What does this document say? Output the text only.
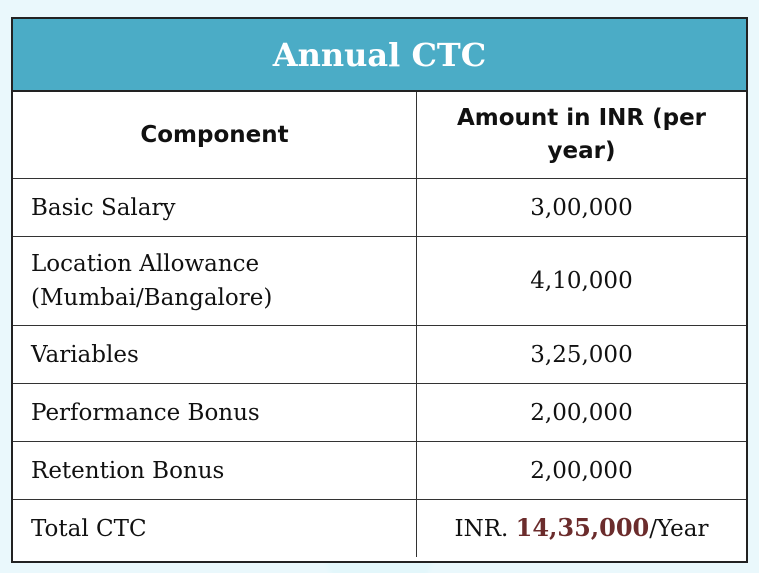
Annual CTC
Component	Amount in INR (per year)
Basic Salary	3,00,000
Location Allowance (Mumbai/Bangalore)	4,10,000
Variables	3,25,000
Performance Bonus	2,00,000
Retention Bonus	2,00,000
Total CTC	INR. 14,35,000/Year
